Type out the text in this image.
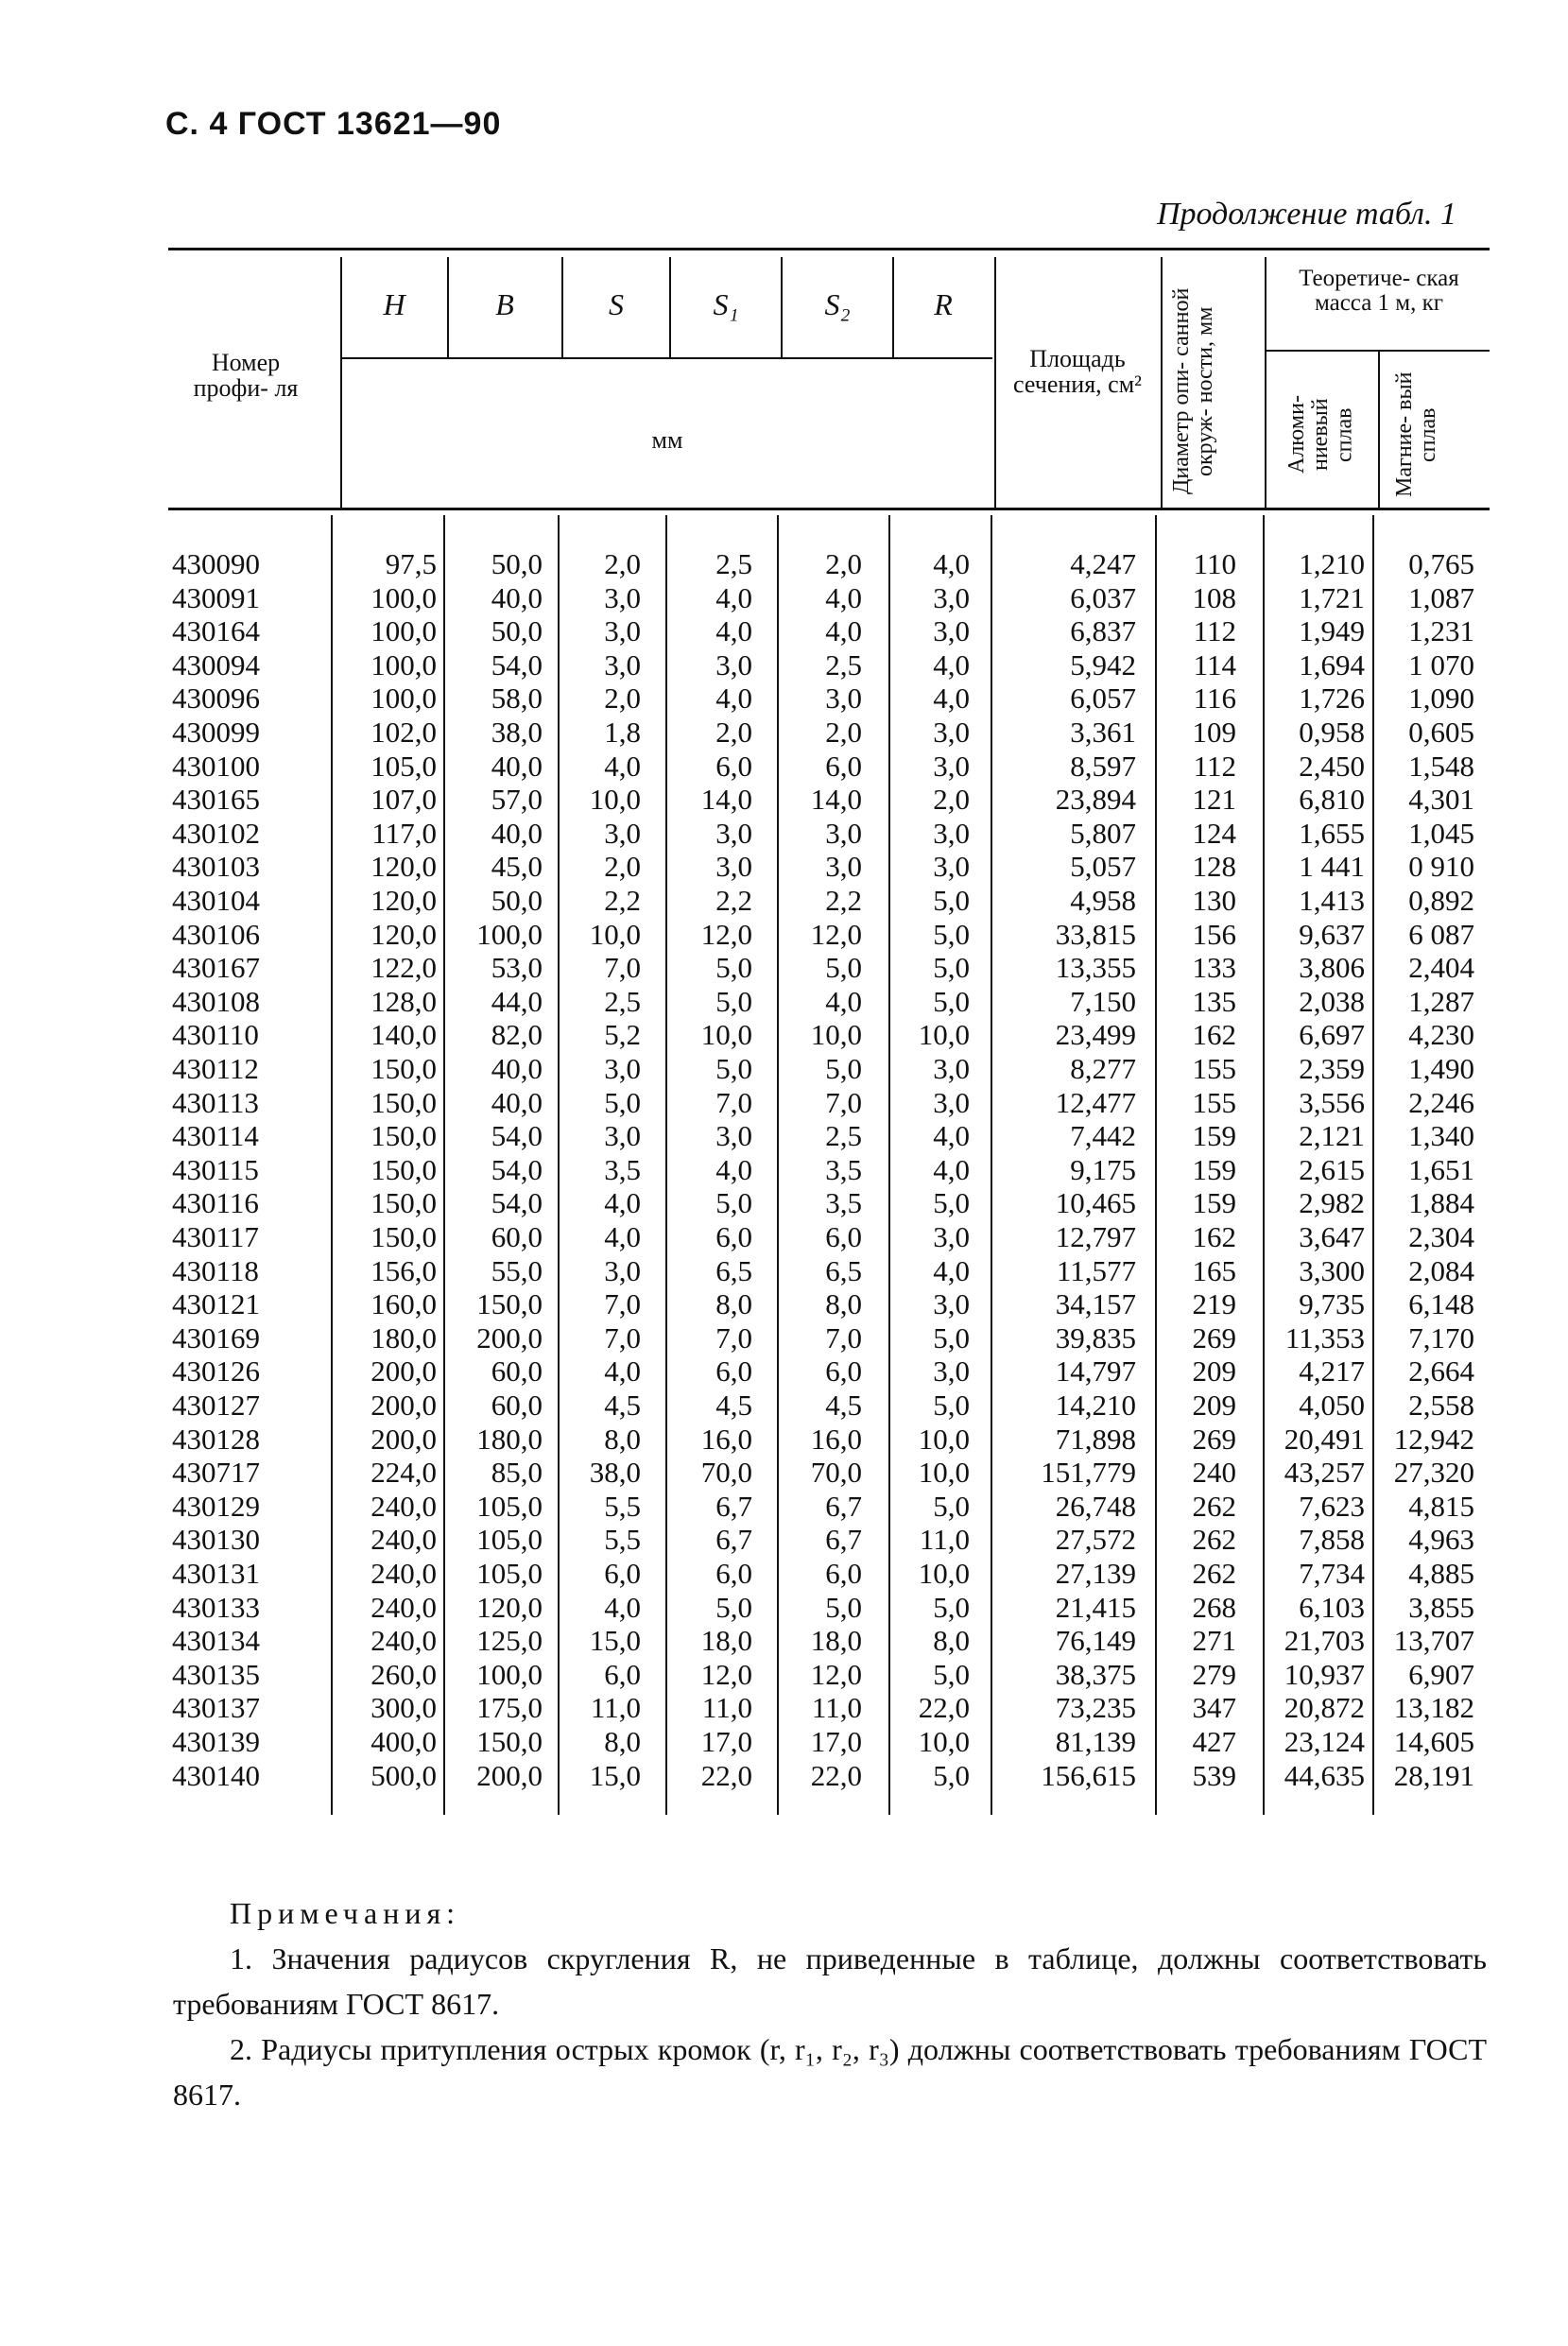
С. 4 ГОСТ 13621—90
Продолжение табл. 1
Номер профи- ля
H	B	S	S₁	S₂	R
мм
Площадь сечения, см²	Диаметр опи- санной окруж- ности, мм
Теоретиче- ская масса 1 м, кг
Алюми- ниевый сплав	Магние- вый сплав
430090	97,5	50,0	2,0	2,5	2,0	4,0	4,247	110	1,210	0,765
430091	100,0	40,0	3,0	4,0	4,0	3,0	6,037	108	1,721	1,087
430164	100,0	50,0	3,0	4,0	4,0	3,0	6,837	112	1,949	1,231
430094	100,0	54,0	3,0	3,0	2,5	4,0	5,942	114	1,694	1 070
430096	100,0	58,0	2,0	4,0	3,0	4,0	6,057	116	1,726	1,090
430099	102,0	38,0	1,8	2,0	2,0	3,0	3,361	109	0,958	0,605
430100	105,0	40,0	4,0	6,0	6,0	3,0	8,597	112	2,450	1,548
430165	107,0	57,0	10,0	14,0	14,0	2,0	23,894	121	6,810	4,301
430102	117,0	40,0	3,0	3,0	3,0	3,0	5,807	124	1,655	1,045
430103	120,0	45,0	2,0	3,0	3,0	3,0	5,057	128	1 441	0 910
430104	120,0	50,0	2,2	2,2	2,2	5,0	4,958	130	1,413	0,892
430106	120,0	100,0	10,0	12,0	12,0	5,0	33,815	156	9,637	6 087
430167	122,0	53,0	7,0	5,0	5,0	5,0	13,355	133	3,806	2,404
430108	128,0	44,0	2,5	5,0	4,0	5,0	7,150	135	2,038	1,287
430110	140,0	82,0	5,2	10,0	10,0	10,0	23,499	162	6,697	4,230
430112	150,0	40,0	3,0	5,0	5,0	3,0	8,277	155	2,359	1,490
430113	150,0	40,0	5,0	7,0	7,0	3,0	12,477	155	3,556	2,246
430114	150,0	54,0	3,0	3,0	2,5	4,0	7,442	159	2,121	1,340
430115	150,0	54,0	3,5	4,0	3,5	4,0	9,175	159	2,615	1,651
430116	150,0	54,0	4,0	5,0	3,5	5,0	10,465	159	2,982	1,884
430117	150,0	60,0	4,0	6,0	6,0	3,0	12,797	162	3,647	2,304
430118	156,0	55,0	3,0	6,5	6,5	4,0	11,577	165	3,300	2,084
430121	160,0	150,0	7,0	8,0	8,0	3,0	34,157	219	9,735	6,148
430169	180,0	200,0	7,0	7,0	7,0	5,0	39,835	269	11,353	7,170
430126	200,0	60,0	4,0	6,0	6,0	3,0	14,797	209	4,217	2,664
430127	200,0	60,0	4,5	4,5	4,5	5,0	14,210	209	4,050	2,558
430128	200,0	180,0	8,0	16,0	16,0	10,0	71,898	269	20,491 12,942
430717	224,0	85,0	38,0	70,0	70,0	10,0	151,779	240	43,257 27,320
430129	240,0	105,0	5,5	6,7	6,7	5,0	26,748	262	7,623	4,815
430130	240,0	105,0	5,5	6,7	6,7	11,0	27,572	262	7,858	4,963
430131	240,0	105,0	6,0	6,0	6,0	10,0	27,139	262	7,734	4,885
430133	240,0	120,0	4,0	5,0	5,0	5,0	21,415	268	6,103	3,855
430134	240,0	125,0	15,0	18,0	18,0	8,0	76,149	271	21,703 13,707
430135	260,0	100,0	6,0	12,0	12,0	5,0	38,375	279	10,937	6,907
430137	300,0	175,0	11,0	11,0	11,0	22,0	73,235	347	20,872 13,182
430139	400,0	150,0	8,0	17,0	17,0	10,0	81,139	427	23,124 14,605
430140	500,0	200,0	15,0	22,0	22,0	5,0	156,615	539	44,635 28,191
Примечания:
1. Значения радиусов скругления R, не приведенные в таблице, должны соответствовать требованиям ГОСТ 8617.
2. Радиусы притупления острых кромок (r, r₁, r₂, r₃) должны соответствовать требованиям ГОСТ 8617.
